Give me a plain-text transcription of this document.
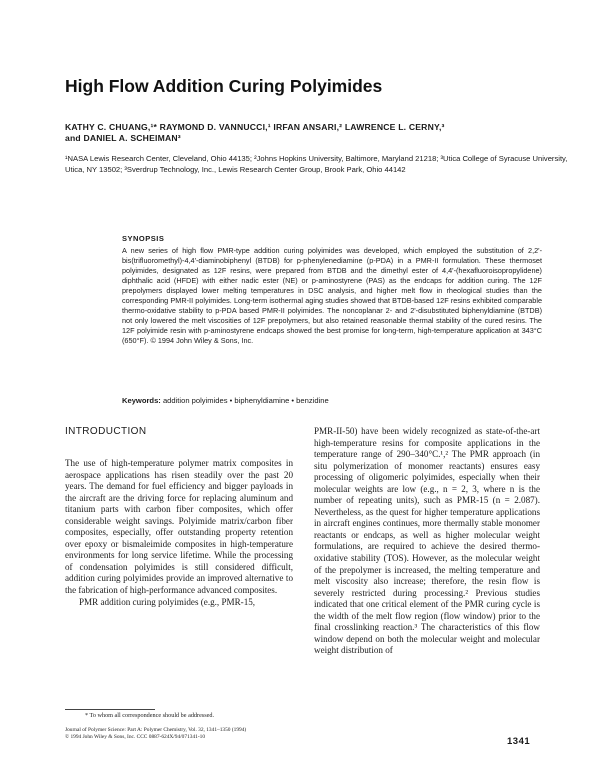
High Flow Addition Curing Polyimides
KATHY C. CHUANG,¹* RAYMOND D. VANNUCCI,¹ IRFAN ANSARI,² LAWRENCE L. CERNY,³
and DANIEL A. SCHEIMAN³
¹NASA Lewis Research Center, Cleveland, Ohio 44135; ²Johns Hopkins University, Baltimore, Maryland 21218; ³Utica College of Syracuse University, Utica, NY 13502; ³Sverdrup Technology, Inc., Lewis Research Center Group, Brook Park, Ohio 44142
SYNOPSIS
A new series of high flow PMR-type addition curing polyimides was developed, which employed the substitution of 2,2'-bis(trifluoromethyl)-4,4'-diaminobiphenyl (BTDB) for p-phenylenediamine (p-PDA) in a PMR-II formulation. These thermoset polyimides, designated as 12F resins, were prepared from BTDB and the dimethyl ester of 4,4'-(hexafluoroisopropylidene) diphthalic acid (HFDE) with either nadic ester (NE) or p-aminostyrene (PAS) as the endcaps for addition curing. The 12F prepolymers displayed lower melting temperatures in DSC analysis, and higher melt flow in rheological studies than the corresponding PMR-II polyimides. Long-term isothermal aging studies showed that BTDB-based 12F resins exhibited comparable thermo-oxidative stability to p-PDA based PMR-II polyimides. The noncoplanar 2- and 2'-disubstituted biphenyldiamine (BTDB) not only lowered the melt viscosities of 12F prepolymers, but also retained reasonable thermal stability of the cured resins. The 12F polyimide resin with p-aminostyrene endcaps showed the best promise for long-term, high-temperature application at 343°C (650°F). © 1994 John Wiley & Sons, Inc.
Keywords: addition polyimides • biphenyldiamine • benzidine
INTRODUCTION

The use of high-temperature polymer matrix composites in aerospace applications has risen steadily over the past 20 years. The demand for fuel efficiency and bigger payloads in the aircraft are the driving force for replacing aluminum and titanium parts with carbon fiber composites, which offer considerable weight savings. Polyimide matrix/carbon fiber composites, especially, offer outstanding property retention over epoxy or bismaleimide composites in high-temperature environments for long service lifetime. While the processing of condensation polyimides is still considered difficult, addition curing polyimides provide an improved alternative to the fabrication of high-performance advanced composites.

PMR addition curing polyimides (e.g., PMR-15,

PMR-II-50) have been widely recognized as state-of-the-art high-temperature resins for composite applications in the temperature range of 290–340°C.¹,² The PMR approach (in situ polymerization of monomer reactants) ensures easy processing of oligomeric polyimides, especially when their molecular weights are low (e.g., n = 2, 3, where n is the number of repeating units), such as PMR-15 (n = 2.087). Nevertheless, as the quest for higher temperature applications in aircraft engines continues, more thermally stable monomer reactants or endcaps, as well as higher molecular weight formulations, are required to achieve the desired thermo-oxidative stability (TOS). However, as the molecular weight of the prepolymer is increased, the melting temperature and melt viscosity also increase; therefore, the resin flow is severely restricted during processing.² Previous studies indicated that one critical element of the PMR curing cycle is the width of the melt flow region (flow window) prior to the final crosslinking reaction.³ The characteristics of this flow window depend on both the molecular weight and molecular weight distribution of

* To whom all correspondence should be addressed.
Journal of Polymer Science: Part A: Polymer Chemistry, Vol. 32, 1341–1350 (1994)
© 1994 John Wiley & Sons, Inc. CCC 0887-624X/94/071341-10	1341
